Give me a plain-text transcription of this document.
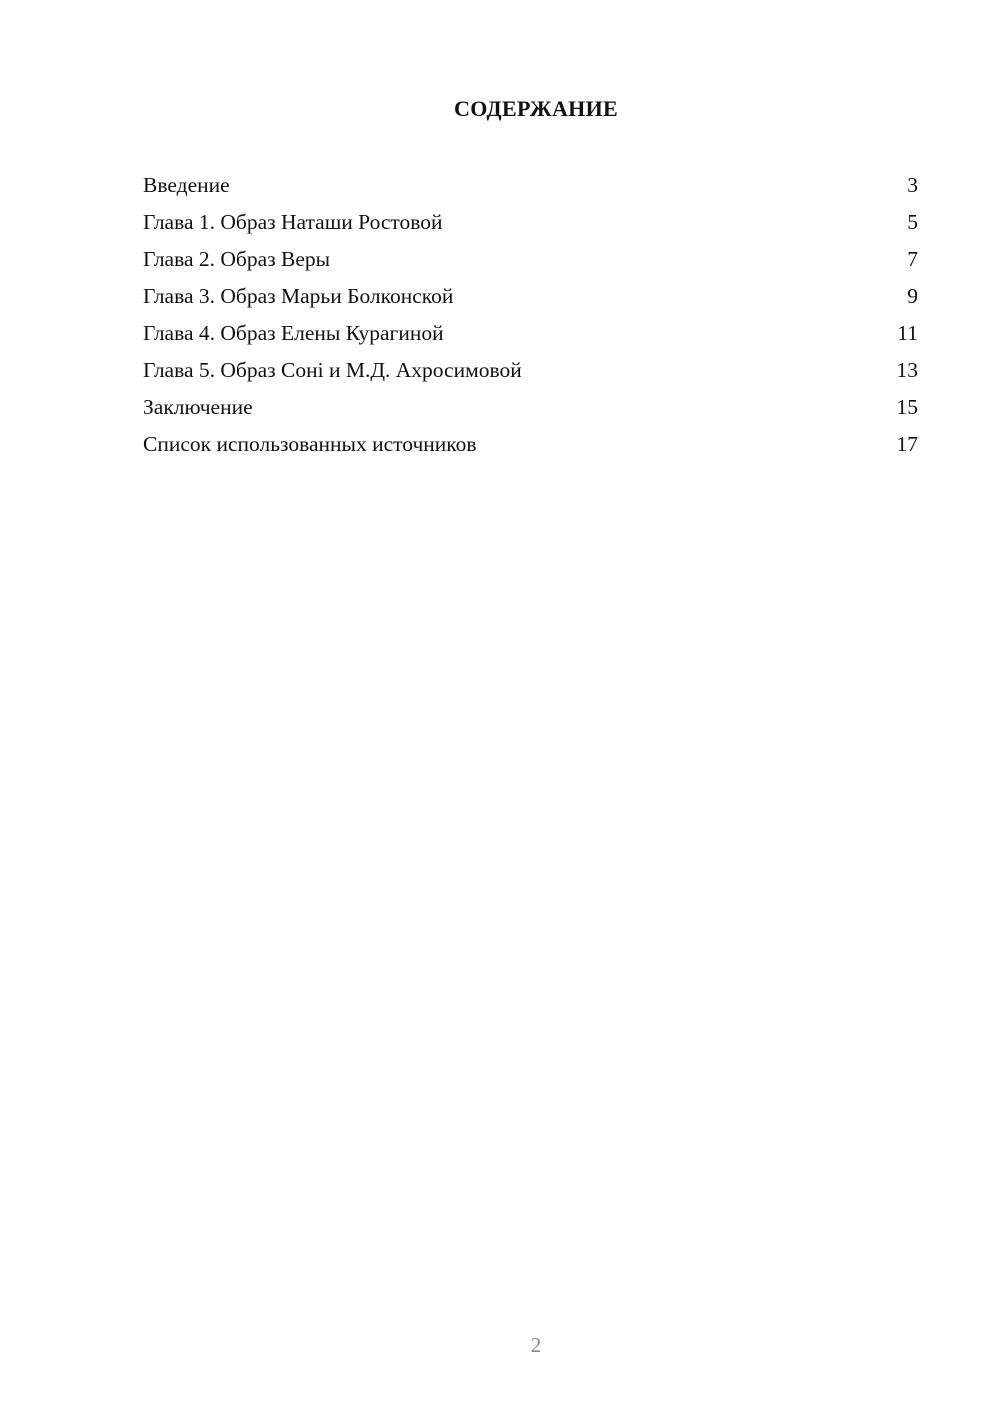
СОДЕРЖАНИЕ
Введение	3
Глава 1. Образ Наташи Ростовой	5
Глава 2. Образ Веры	7
Глава 3. Образ Марьи Болконской	9
Глава 4. Образ Елены Курагиной	11
Глава 5. Образ Соні и М.Д. Ахросимовой	13
Заключение	15
Список использованных источников	17
2
